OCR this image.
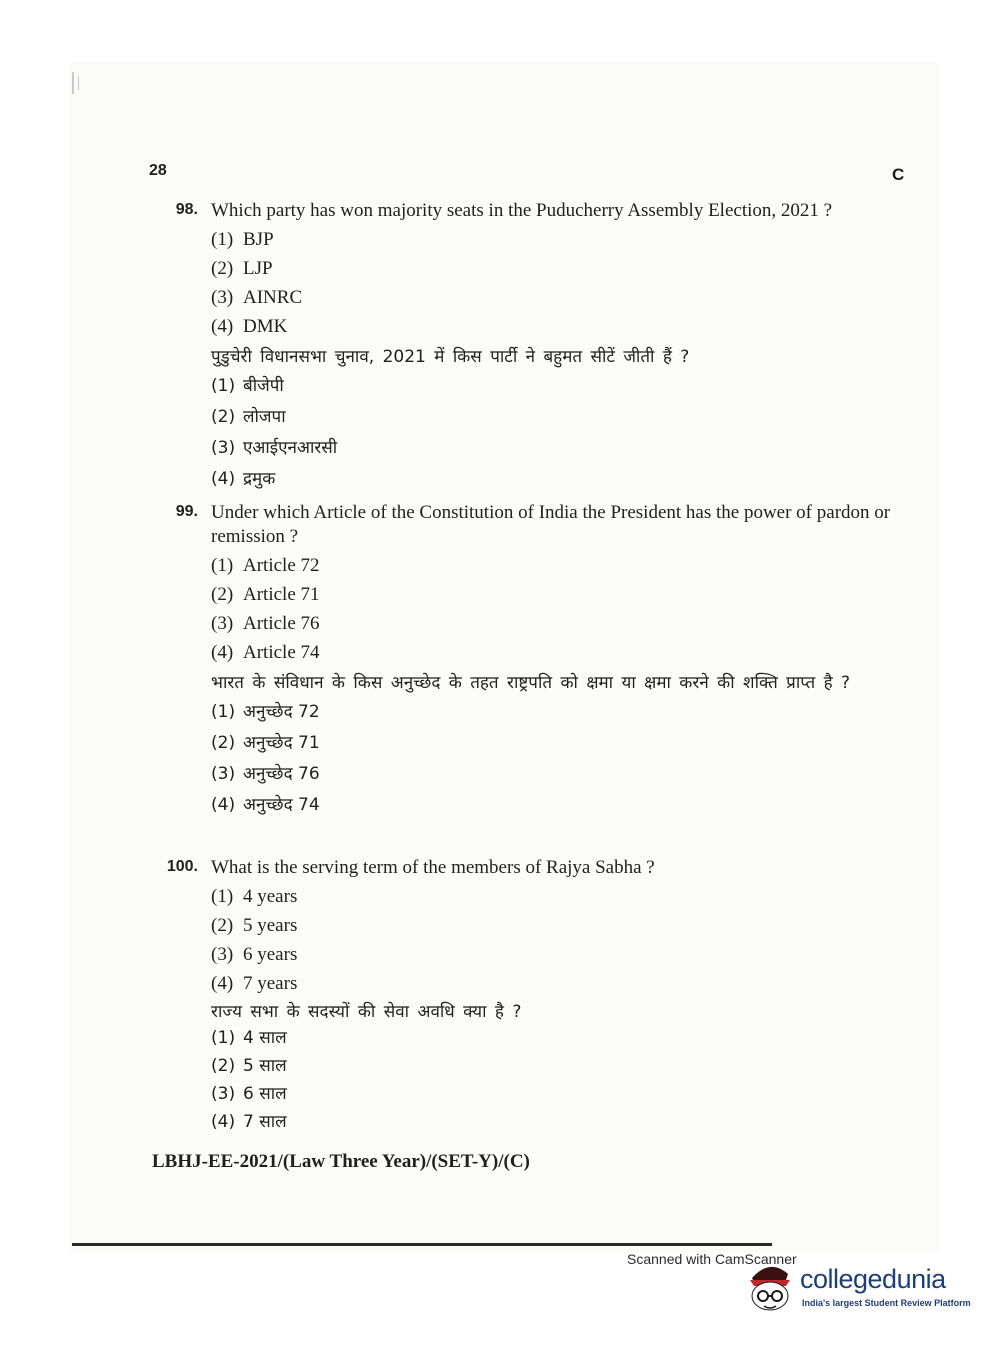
28	C
98. Which party has won majority seats in the Puducherry Assembly Election, 2021 ?
(1) BJP
(2) LJP
(3) AINRC
(4) DMK
पुडुचेरी विधानसभा चुनाव, 2021 में किस पार्टी ने बहुमत सीटें जीती हैं ?
(1) बीजेपी
(2) लोजपा
(3) एआईएनआरसी
(4) द्रमुक
99. Under which Article of the Constitution of India the President has the power of pardon or remission ?
(1) Article 72
(2) Article 71
(3) Article 76
(4) Article 74
भारत के संविधान के किस अनुच्छेद के तहत राष्ट्रपति को क्षमा या क्षमा करने की शक्ति प्राप्त है ?
(1) अनुच्छेद 72
(2) अनुच्छेद 71
(3) अनुच्छेद 76
(4) अनुच्छेद 74
100. What is the serving term of the members of Rajya Sabha ?
(1) 4 years
(2) 5 years
(3) 6 years
(4) 7 years
राज्य सभा के सदस्यों की सेवा अवधि क्या है ?
(1) 4 साल
(2) 5 साल
(3) 6 साल
(4) 7 साल
LBHJ-EE-2021/(Law Three Year)/(SET-Y)/(C)
Scanned with CamScanner
collegedunia
India's largest Student Review Platform
